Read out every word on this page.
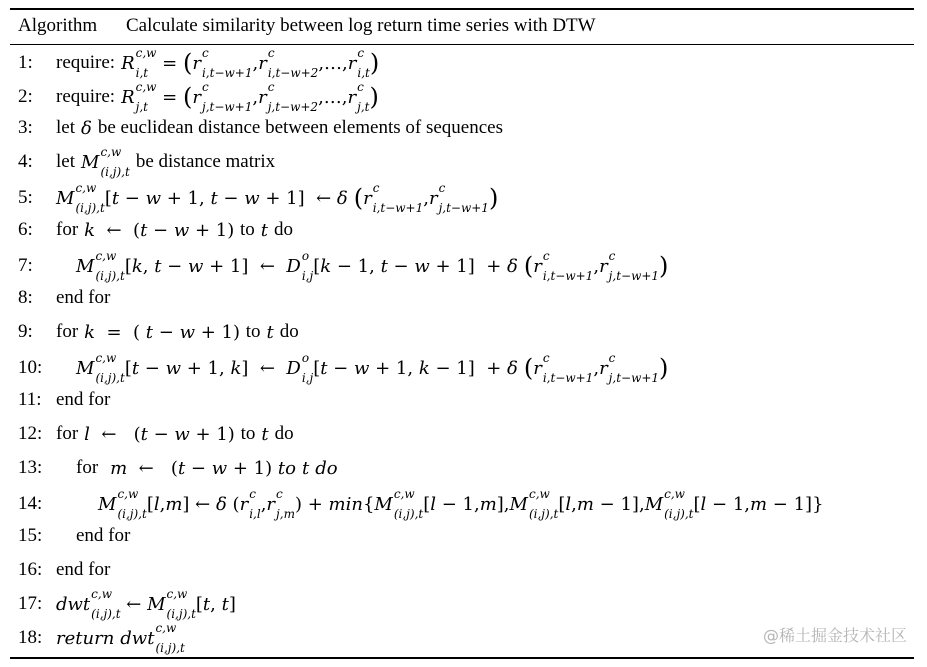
Algorithm Calculate similarity between log return time series with DTW
1:	require: R c,w
i,t = ( r c
i,t−w+1 , r c
i,t−w+2 ,…, r c
i,t )
2:	require: R c,w
j,t = ( r c
j,t−w+1 , r c
j,t−w+2 ,…, r c
j,t )
3:	let δ be euclidean distance between elements of sequences
4:	let M c,w
(i,j),t be distance matrix
5:	M c,w
(i,j),t [ t − w + 1, t − w + 1]  ← δ ( r c
i,t−w+1 , r c
j,t−w+1 )
6:	for k ←  ( t − w + 1) to t do
7:	M c,w
(i,j),t [ k , t − w + 1]  ← D o
i,j [ k − 1, t − w + 1]  + δ ( r c
i,t−w+1 , r c
j,t−w+1 )
8:	end for
9:	for k =  ( t − w + 1) to t do
10:	M c,w
(i,j),t [ t − w + 1, k ]  ← D o
i,j [ t − w + 1, k − 1]  + δ ( r c
i,t−w+1 , r c
j,t−w+1 )
11: end for
12: for l ←   ( t − w + 1) to t do
13:	for m ←   ( t − w + 1) to t do
14:	M c,w
(i,j),t [ l , m ] ← δ ( r c
i,l , r c
j,m ) + min { M c,w
(i,j),t [ l − 1, m ], M c,w
(i,j),t [ l , m − 1], M c,w
(i,j),t [ l − 1, m − 1]}
15:	end for
16: end for
17: dwt c,w
(i,j),t ← M c,w
(i,j),t [ t , t ]
18: return dwt c,w
(i,j),t
@稀土掘金技术社区
